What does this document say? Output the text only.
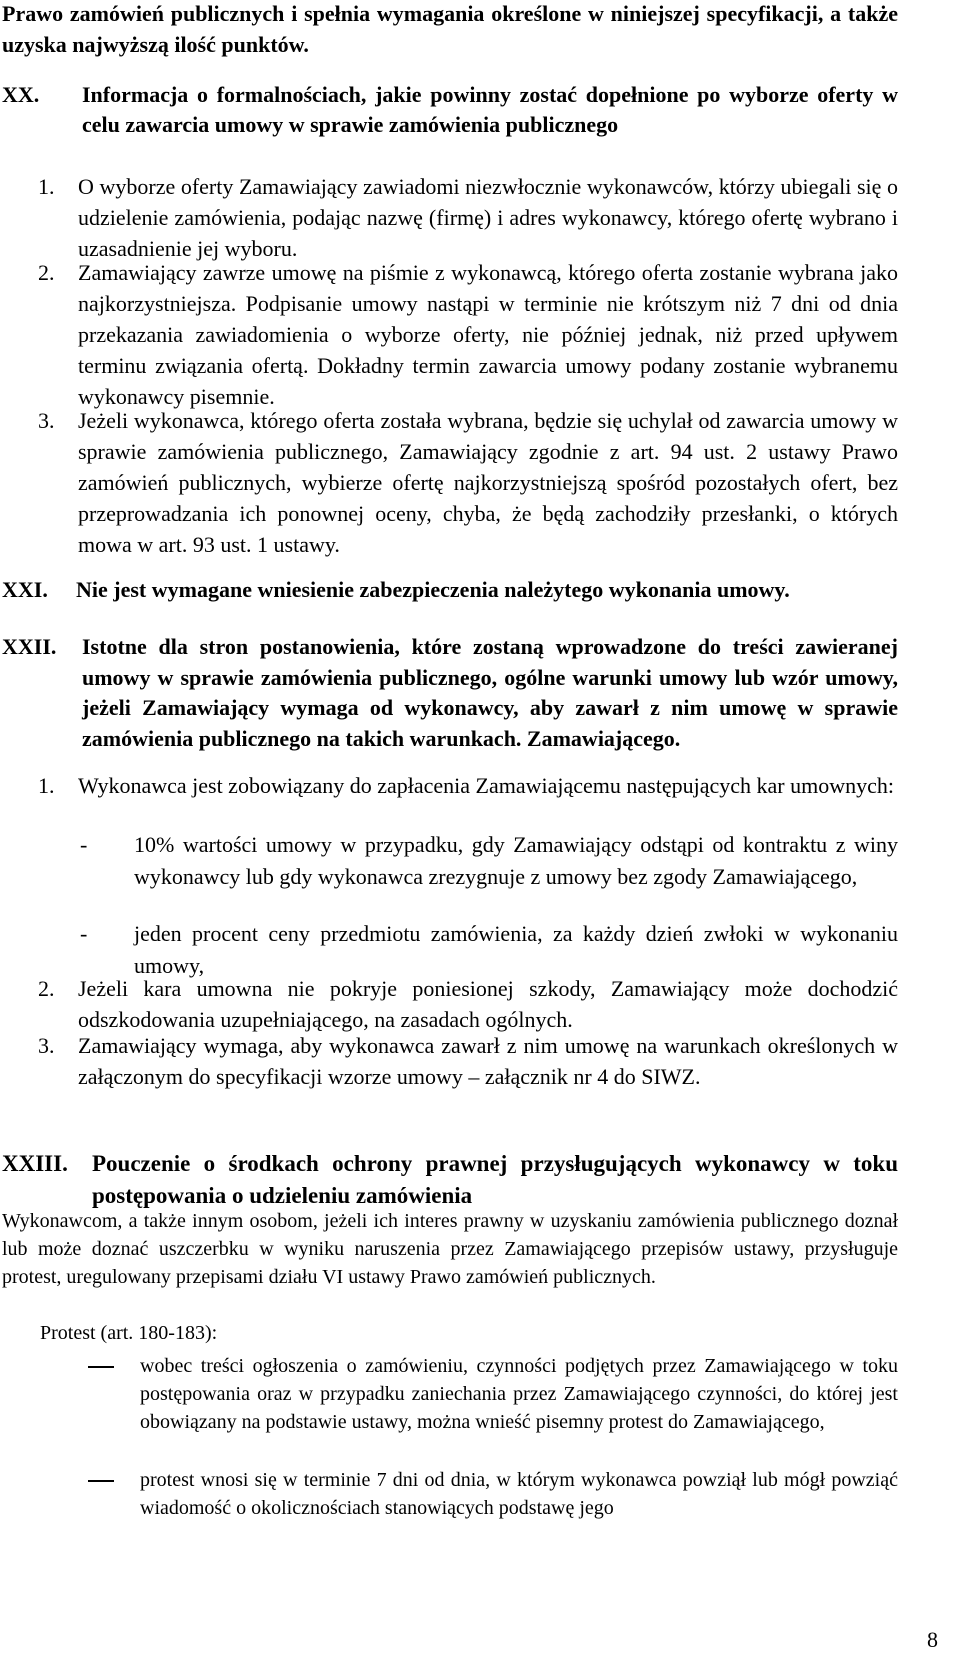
Prawo zamówień publicznych i spełnia wymagania określone w niniejszej specyfikacji, a także uzyska najwyższą ilość punktów.

XX. Informacja o formalnościach, jakie powinny zostać dopełnione po wyborze oferty w celu zawarcia umowy w sprawie zamówienia publicznego
1. O wyborze oferty Zamawiający zawiadomi niezwłocznie wykonawców, którzy ubiegali się o udzielenie zamówienia, podając nazwę (firmę) i adres wykonawcy, którego ofertę wybrano i uzasadnienie jej wyboru.
2. Zamawiający zawrze umowę na piśmie z wykonawcą, którego oferta zostanie wybrana jako najkorzystniejsza. Podpisanie umowy nastąpi w terminie nie krótszym niż 7 dni od dnia przekazania zawiadomienia o wyborze oferty, nie później jednak, niż przed upływem terminu związania ofertą. Dokładny termin zawarcia umowy podany zostanie wybranemu wykonawcy pisemnie.
3. Jeżeli wykonawca, którego oferta została wybrana, będzie się uchylał od zawarcia umowy w sprawie zamówienia publicznego, Zamawiający zgodnie z art. 94 ust. 2 ustawy Prawo zamówień publicznych, wybierze ofertę najkorzystniejszą spośród pozostałych ofert, bez przeprowadzania ich ponownej oceny, chyba, że będą zachodziły przesłanki, o których mowa w art. 93 ust. 1 ustawy.
XXI. Nie jest wymagane wniesienie zabezpieczenia należytego wykonania umowy.
XXII. Istotne dla stron postanowienia, które zostaną wprowadzone do treści zawieranej umowy w sprawie zamówienia publicznego, ogólne warunki umowy lub wzór umowy, jeżeli Zamawiający wymaga od wykonawcy, aby zawarł z nim umowę w sprawie zamówienia publicznego na takich warunkach. Zamawiającego.
1. Wykonawca jest zobowiązany do zapłacenia Zamawiającemu następujących kar umownych:
- 10% wartości umowy w przypadku, gdy Zamawiający odstąpi od kontraktu z winy wykonawcy lub gdy wykonawca zrezygnuje z umowy bez zgody Zamawiającego,
- jeden procent ceny przedmiotu zamówienia, za każdy dzień zwłoki w wykonaniu umowy,
2. Jeżeli kara umowna nie pokryje poniesionej szkody, Zamawiający może dochodzić odszkodowania uzupełniającego, na zasadach ogólnych.
3. Zamawiający wymaga, aby wykonawca zawarł z nim umowę na warunkach określonych w załączonym do specyfikacji wzorze umowy – załącznik nr 4 do SIWZ.
XXIII. Pouczenie o środkach ochrony prawnej przysługujących wykonawcy w toku postępowania o udzieleniu zamówienia

Wykonawcom, a także innym osobom, jeżeli ich interes prawny w uzyskaniu zamówienia publicznego doznał lub może doznać uszczerbku w wyniku naruszenia przez Zamawiającego przepisów ustawy, przysługuje protest, uregulowany przepisami działu VI ustawy Prawo zamówień publicznych.

Protest (art. 180-183):

wobec treści ogłoszenia o zamówieniu, czynności podjętych przez Zamawiającego w toku postępowania oraz w przypadku zaniechania przez Zamawiającego czynności, do której jest obowiązany na podstawie ustawy, można wnieść pisemny protest do Zamawiającego,
protest wnosi się w terminie 7 dni od dnia, w którym wykonawca powziął lub mógł powziąć wiadomość o okolicznościach stanowiących podstawę jego
8
